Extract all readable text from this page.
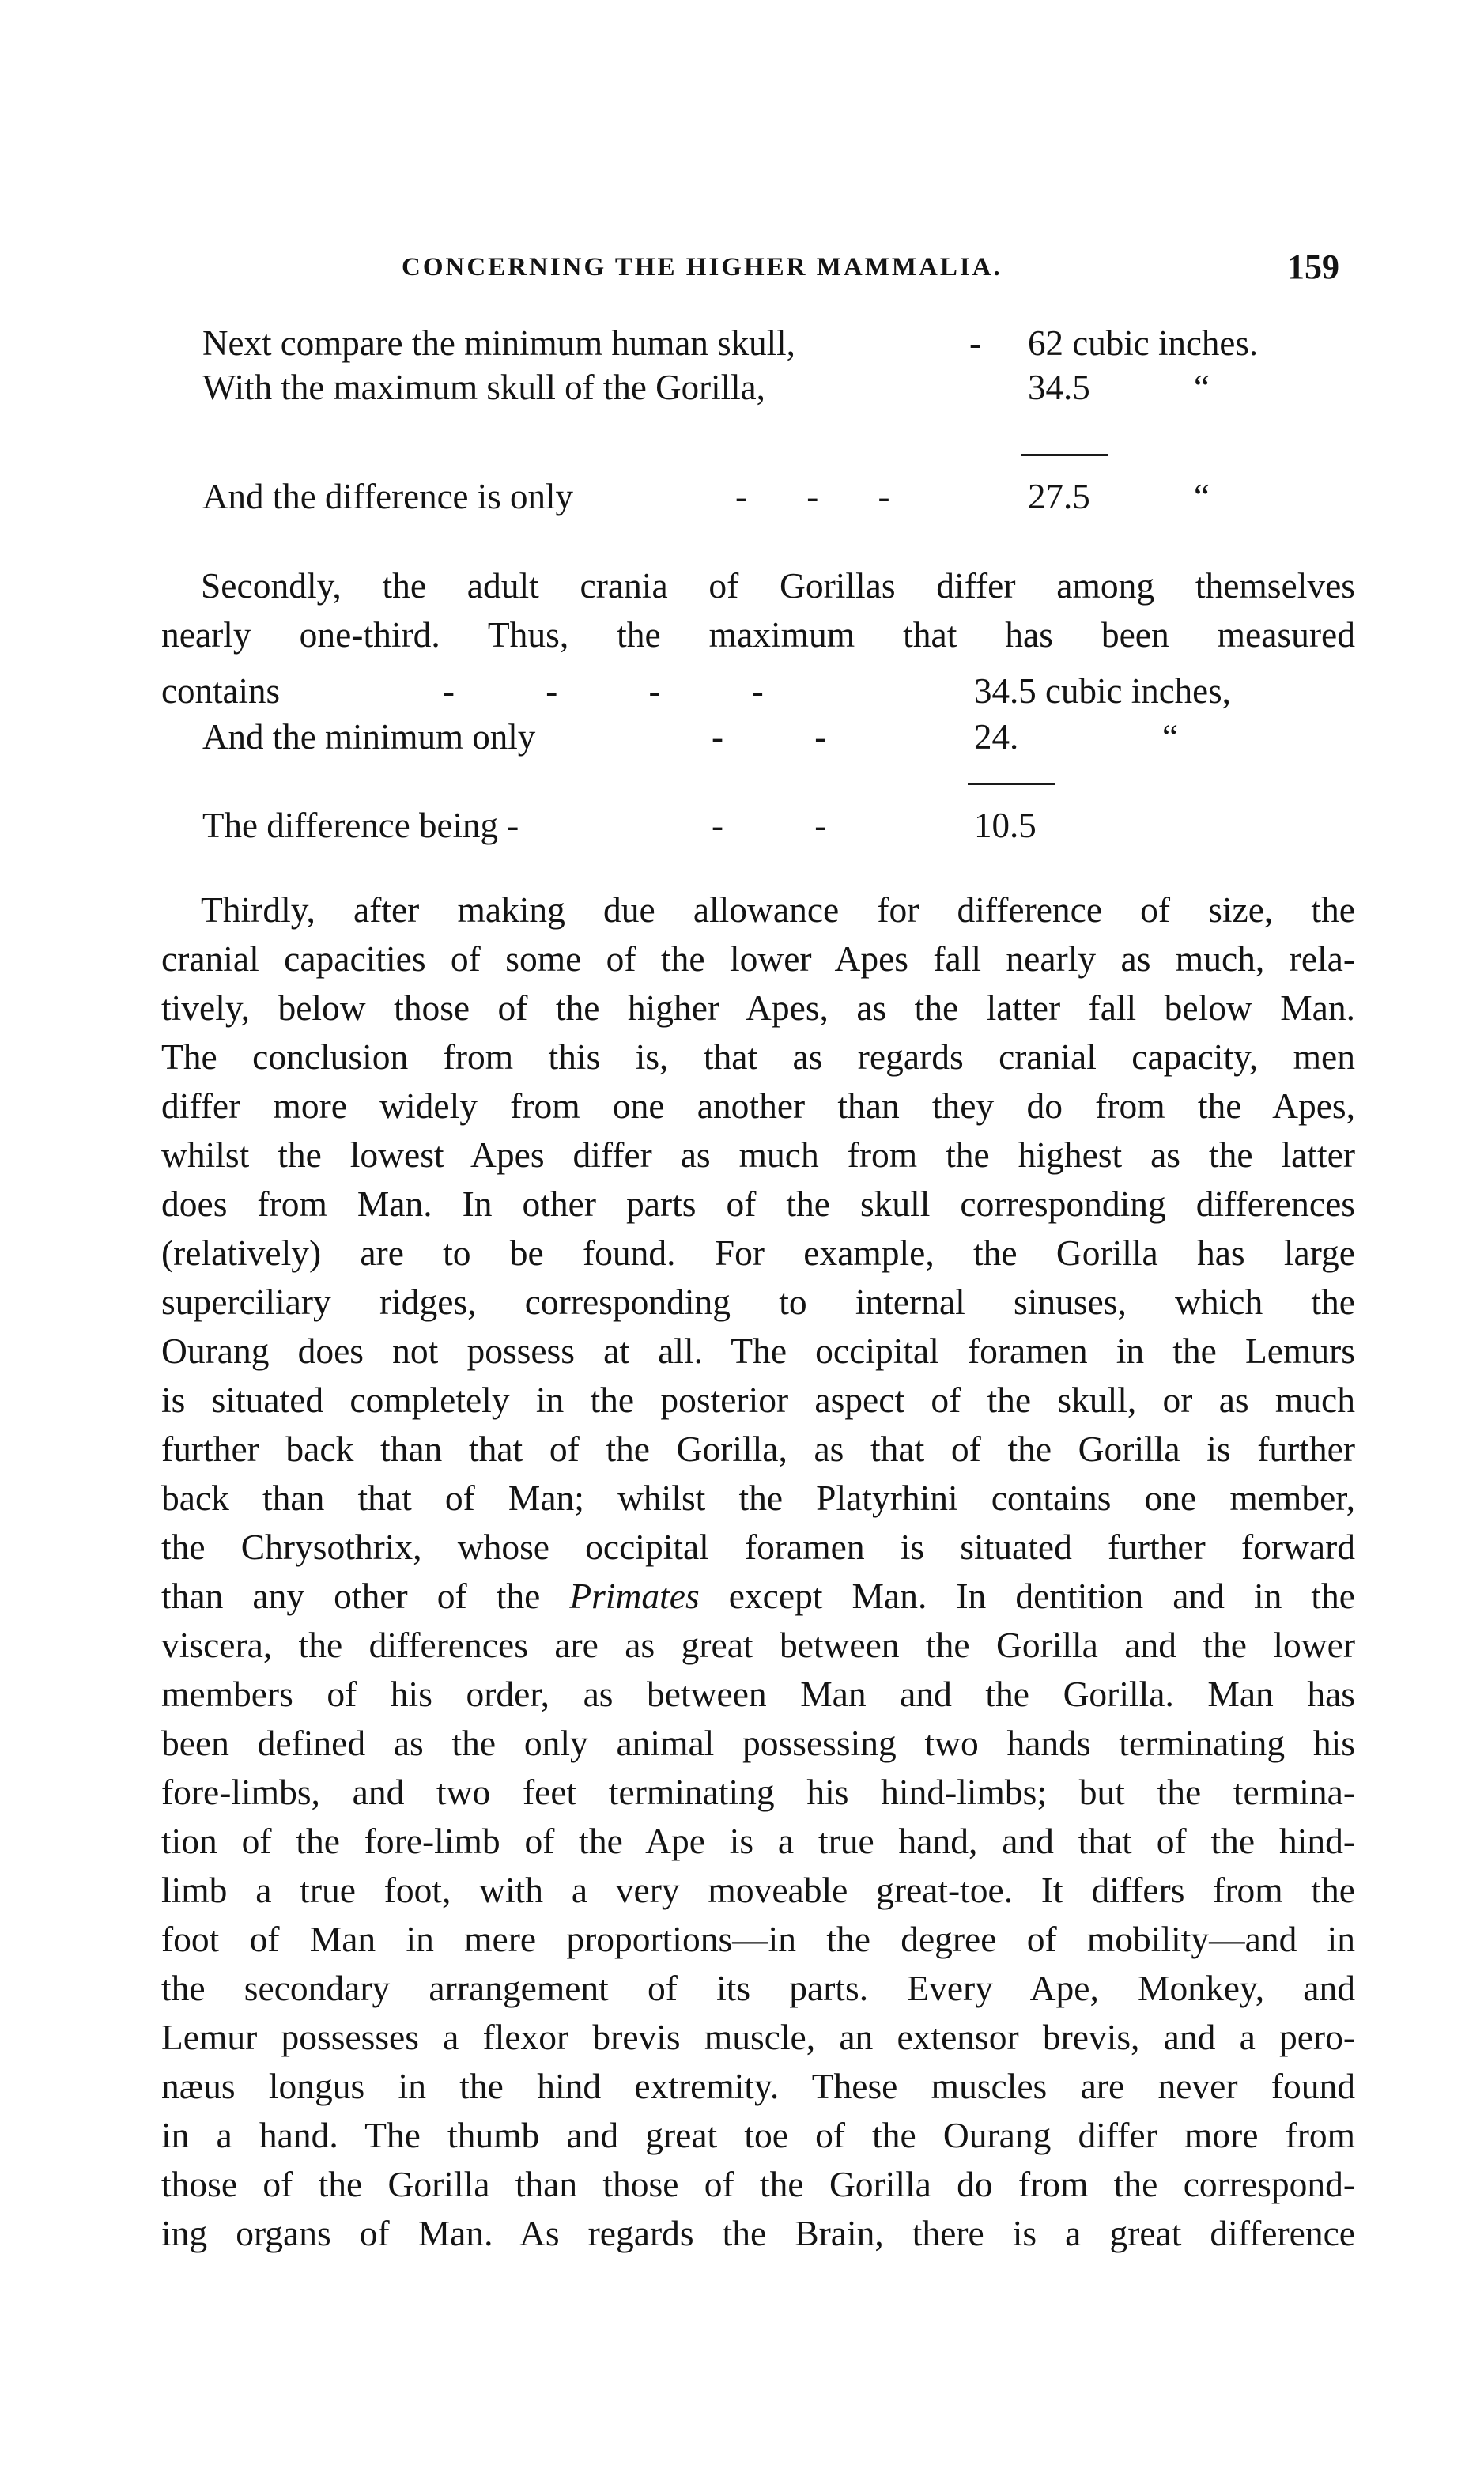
CONCERNING THE HIGHER MAMMALIA.	159
Next compare the minimum human skull,	- 62 cubic inches.
With the maximum skull of the Gorilla,	34.5	“
And the difference is only	- - -	27.5	“
Secondly, the adult crania of Gorillas differ among themselves
nearly one-third. Thus, the maximum that has been measured
contains	- - - -	34.5 cubic inches,
And the minimum only	- -	24.	“
The difference being -	- -	10.5
Thirdly, after making due allowance for difference of size, the
cranial capacities of some of the lower Apes fall nearly as much, rela-
tively, below those of the higher Apes, as the latter fall below Man.
The conclusion from this is, that as regards cranial capacity, men
differ more widely from one another than they do from the Apes,
whilst the lowest Apes differ as much from the highest as the latter
does from Man. In other parts of the skull corresponding differences
(relatively) are to be found. For example, the Gorilla has large
superciliary ridges, corresponding to internal sinuses, which the
Ourang does not possess at all. The occipital foramen in the Lemurs
is situated completely in the posterior aspect of the skull, or as much
further back than that of the Gorilla, as that of the Gorilla is further
back than that of Man; whilst the Platyrhini contains one member,
the Chrysothrix, whose occipital foramen is situated further forward
than any other of the Primates except Man. In dentition and in the
viscera, the differences are as great between the Gorilla and the lower
members of his order, as between Man and the Gorilla. Man has
been defined as the only animal possessing two hands terminating his
fore-limbs, and two feet terminating his hind-limbs; but the termina-
tion of the fore-limb of the Ape is a true hand, and that of the hind-
limb a true foot, with a very moveable great-toe. It differs from the
foot of Man in mere proportions—in the degree of mobility—and in
the secondary arrangement of its parts. Every Ape, Monkey, and
Lemur possesses a flexor brevis muscle, an extensor brevis, and a pero-
næus longus in the hind extremity. These muscles are never found
in a hand. The thumb and great toe of the Ourang differ more from
those of the Gorilla than those of the Gorilla do from the correspond-
ing organs of Man. As regards the Brain, there is a great difference
